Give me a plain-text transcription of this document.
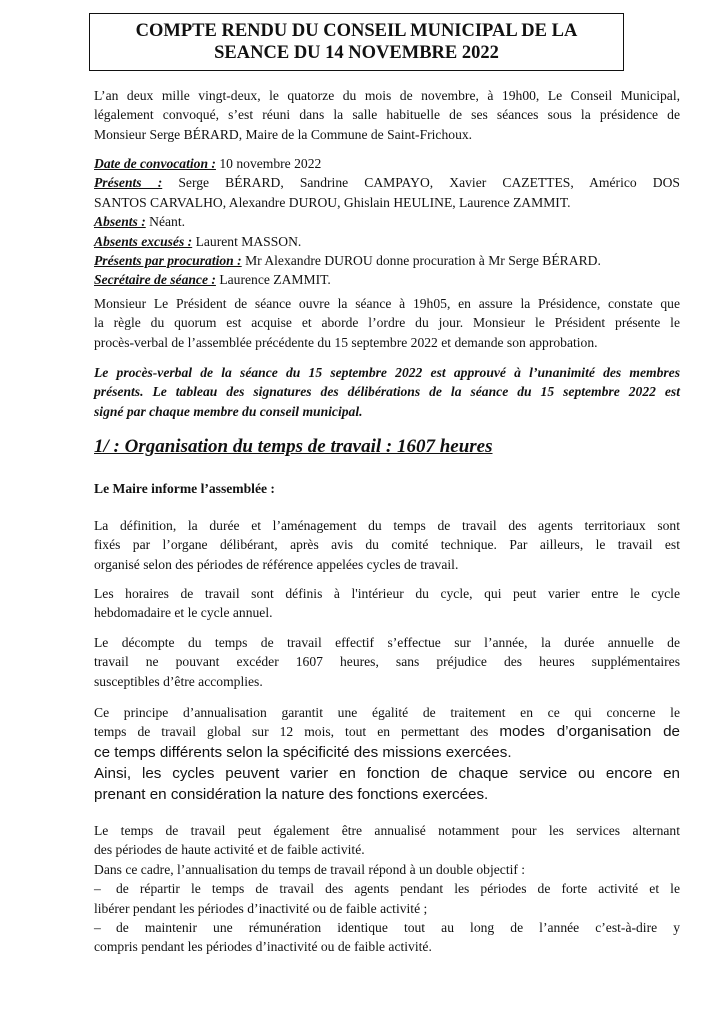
COMPTE RENDU DU CONSEIL MUNICIPAL DE LA
SEANCE DU 14 NOVEMBRE 2022
L’an deux mille vingt-deux, le quatorze du mois de novembre, à 19h00, Le Conseil Municipal,
légalement convoqué, s’est réuni dans la salle habituelle de ses séances sous la présidence de
Monsieur Serge BÉRARD, Maire de la Commune de Saint-Frichoux.
Date de convocation : 10 novembre 2022
Présents : Serge BÉRARD, Sandrine CAMPAYO, Xavier CAZETTES, Américo DOS
SANTOS CARVALHO, Alexandre DUROU, Ghislain HEULINE, Laurence ZAMMIT.
Absents : Néant.
Absents excusés : Laurent MASSON.
Présents par procuration : Mr Alexandre DUROU donne procuration à Mr Serge BÉRARD.
Secrétaire de séance : Laurence ZAMMIT.
Monsieur Le Président de séance ouvre la séance à 19h05, en assure la Présidence, constate que
la règle du quorum est acquise et aborde l’ordre du jour. Monsieur le Président présente le
procès-verbal de l’assemblée précédente du 15 septembre 2022 et demande son approbation.
Le procès-verbal de la séance du 15 septembre 2022 est approuvé à l’unanimité des membres
présents. Le tableau des signatures des délibérations de la séance du 15 septembre 2022 est
signé par chaque membre du conseil municipal.
1/ : Organisation du temps de travail : 1607 heures
Le Maire informe l’assemblée :
La définition, la durée et l’aménagement du temps de travail des agents territoriaux sont
fixés par l’organe délibérant, après avis du comité technique. Par ailleurs, le travail est
organisé selon des périodes de référence appelées cycles de travail.
Les horaires de travail sont définis à l'intérieur du cycle, qui peut varier entre le cycle
hebdomadaire et le cycle annuel.
Le décompte du temps de travail effectif s’effectue sur l’année, la durée annuelle de
travail ne pouvant excéder 1607 heures, sans préjudice des heures supplémentaires
susceptibles d’être accomplies.
Ce principe d’annualisation garantit une égalité de traitement en ce qui concerne le
temps de travail global sur 12 mois, tout en permettant des modes d’organisation de
ce temps différents selon la spécificité des missions exercées.
Ainsi, les cycles peuvent varier en fonction de chaque service ou encore en
prenant en considération la nature des fonctions exercées.
Le temps de travail peut également être annualisé notamment pour les services alternant
des périodes de haute activité et de faible activité.
Dans ce cadre, l’annualisation du temps de travail répond à un double objectif :
– de répartir le temps de travail des agents pendant les périodes de forte activité et le
libérer pendant les périodes d’inactivité ou de faible activité ;
– de maintenir une rémunération identique tout au long de l’année c’est-à-dire y
compris pendant les périodes d’inactivité ou de faible activité.
